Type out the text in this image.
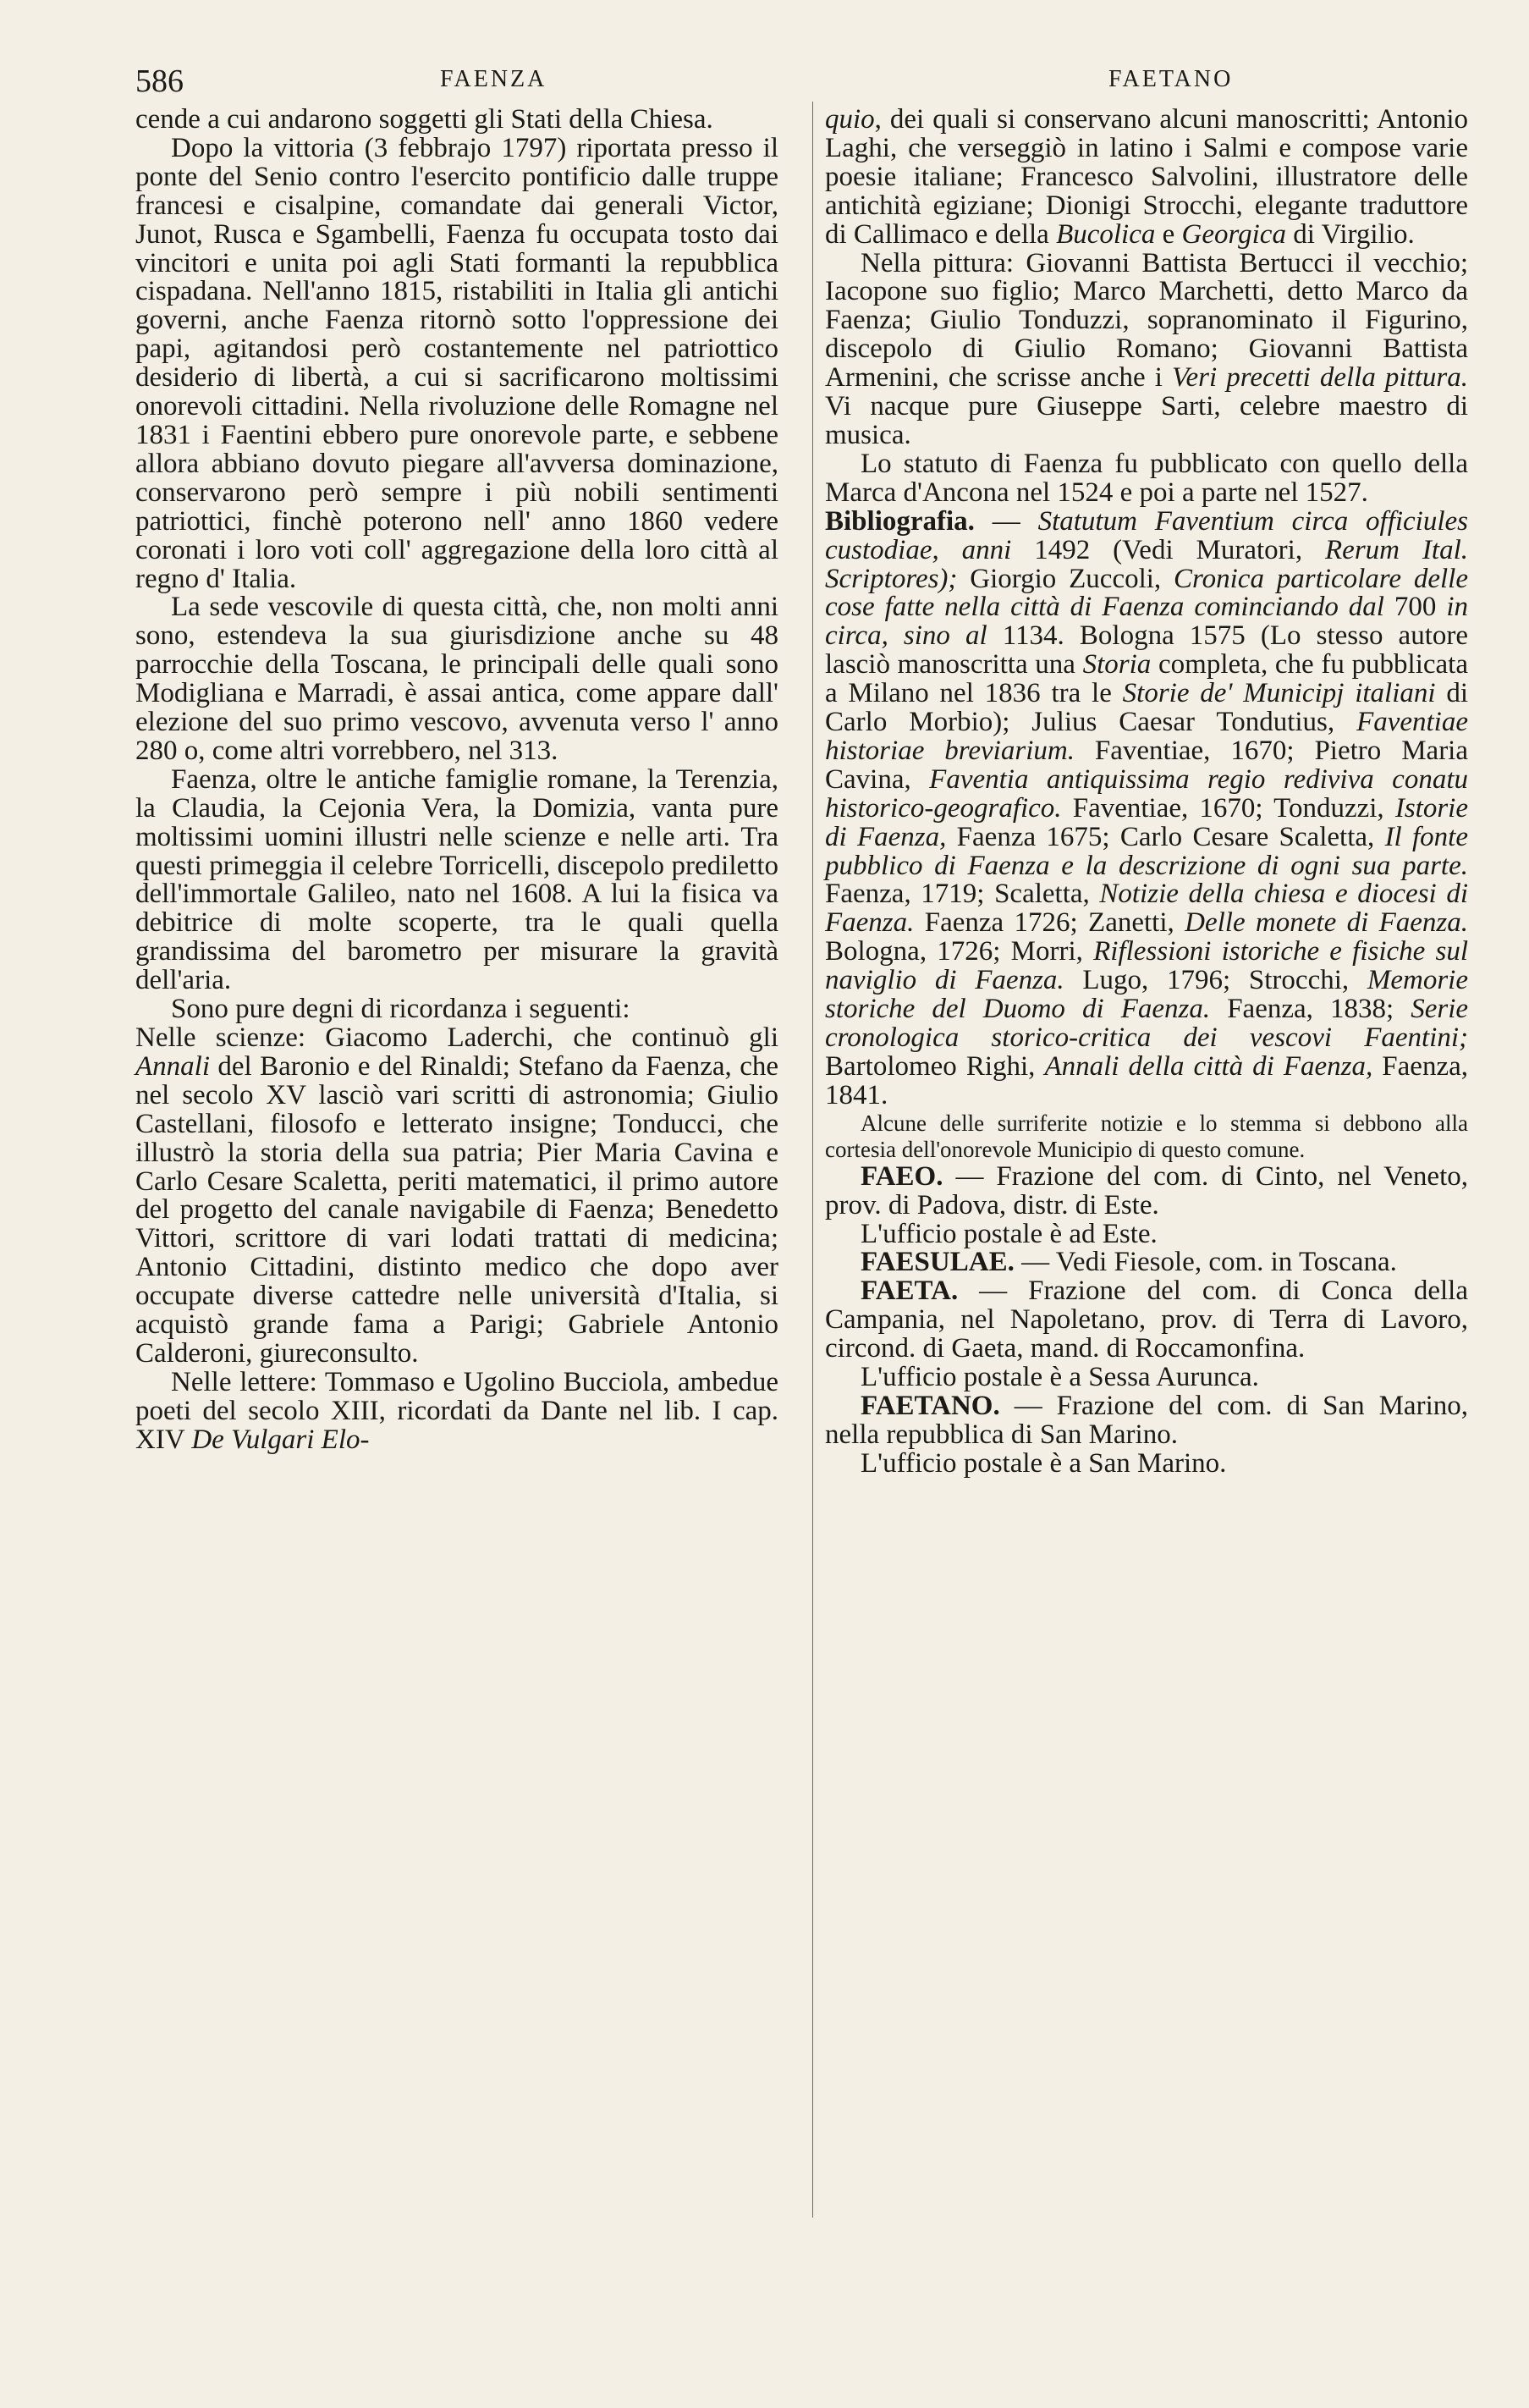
586	FAENZA	FAETANO

cende a cui andarono soggetti gli Stati della Chiesa.

Dopo la vittoria (3 febbrajo 1797) riportata presso il ponte del Senio contro l'esercito pontificio dalle truppe francesi e cisalpine, comandate dai generali Victor, Junot, Rusca e Sgambelli, Faenza fu occupata tosto dai vincitori e unita poi agli Stati formanti la repubblica cispadana. Nell'anno 1815, ristabiliti in Italia gli antichi governi, anche Faenza ritornò sotto l'oppressione dei papi, agitandosi però costantemente nel patriottico desiderio di libertà, a cui si sacrificarono moltissimi onorevoli cittadini. Nella rivoluzione delle Romagne nel 1831 i Faentini ebbero pure onorevole parte, e sebbene allora abbiano dovuto piegare all'avversa dominazione, conservarono però sempre i più nobili sentimenti patriottici, finchè poterono nell' anno 1860 vedere coronati i loro voti coll' aggregazione della loro città al regno d' Italia.

La sede vescovile di questa città, che, non molti anni sono, estendeva la sua giurisdizione anche su 48 parrocchie della Toscana, le principali delle quali sono Modigliana e Marradi, è assai antica, come appare dall' elezione del suo primo vescovo, avvenuta verso l' anno 280 o, come altri vorrebbero, nel 313.

Faenza, oltre le antiche famiglie romane, la Terenzia, la Claudia, la Cejonia Vera, la Domizia, vanta pure moltissimi uomini illustri nelle scienze e nelle arti. Tra questi primeggia il celebre Torricelli, discepolo prediletto dell'immortale Galileo, nato nel 1608. A lui la fisica va debitrice di molte scoperte, tra le quali quella grandissima del barometro per misurare la gravità dell'aria.

Sono pure degni di ricordanza i seguenti:

Nelle scienze: Giacomo Laderchi, che continuò gli Annali del Baronio e del Rinaldi; Stefano da Faenza, che nel secolo XV lasciò vari scritti di astronomia; Giulio Castellani, filosofo e letterato insigne; Tonducci, che illustrò la storia della sua patria; Pier Maria Cavina e Carlo Cesare Scaletta, periti matematici, il primo autore del progetto del canale navigabile di Faenza; Benedetto Vittori, scrittore di vari lodati trattati di medicina; Antonio Cittadini, distinto medico che dopo aver occupate diverse cattedre nelle università d'Italia, si acquistò grande fama a Parigi; Gabriele Antonio Calderoni, giureconsulto.

Nelle lettere: Tommaso e Ugolino Bucciola, ambedue poeti del secolo XIII, ricordati da Dante nel lib. I cap. XIV De Vulgari Elo-

quio, dei quali si conservano alcuni manoscritti; Antonio Laghi, che verseggiò in latino i Salmi e compose varie poesie italiane; Francesco Salvolini, illustratore delle antichità egiziane; Dionigi Strocchi, elegante traduttore di Callimaco e della Bucolica e Georgica di Virgilio.

Nella pittura: Giovanni Battista Bertucci il vecchio; Iacopone suo figlio; Marco Marchetti, detto Marco da Faenza; Giulio Tonduzzi, sopranominato il Figurino, discepolo di Giulio Romano; Giovanni Battista Armenini, che scrisse anche i Veri precetti della pittura. Vi nacque pure Giuseppe Sarti, celebre maestro di musica.

Lo statuto di Faenza fu pubblicato con quello della Marca d'Ancona nel 1524 e poi a parte nel 1527.

Bibliografia. — Statutum Faventium circa officiules custodiae, anni 1492 (Vedi Muratori, Rerum Ital. Scriptores); Giorgio Zuccoli, Cronica particolare delle cose fatte nella città di Faenza cominciando dal 700 in circa, sino al 1134. Bologna 1575 (Lo stesso autore lasciò manoscritta una Storia completa, che fu pubblicata a Milano nel 1836 tra le Storie de' Municipj italiani di Carlo Morbio); Julius Caesar Tondutius, Faventiae historiae breviarium. Faventiae, 1670; Pietro Maria Cavina, Faventia antiquissima regio rediviva conatu historico-geografico. Faventiae, 1670; Tonduzzi, Istorie di Faenza, Faenza 1675; Carlo Cesare Scaletta, Il fonte pubblico di Faenza e la descrizione di ogni sua parte. Faenza, 1719; Scaletta, Notizie della chiesa e diocesi di Faenza. Faenza 1726; Zanetti, Delle monete di Faenza. Bologna, 1726; Morri, Riflessioni istoriche e fisiche sul naviglio di Faenza. Lugo, 1796; Strocchi, Memorie storiche del Duomo di Faenza. Faenza, 1838; Serie cronologica storico-critica dei vescovi Faentini; Bartolomeo Righi, Annali della città di Faenza, Faenza, 1841.

Alcune delle surriferite notizie e lo stemma si debbono alla cortesia dell'onorevole Municipio di questo comune.

FAEO. — Frazione del com. di Cinto, nel Veneto, prov. di Padova, distr. di Este.

L'ufficio postale è ad Este.

FAESULAE. — Vedi Fiesole, com. in Toscana.

FAETA. — Frazione del com. di Conca della Campania, nel Napoletano, prov. di Terra di Lavoro, circond. di Gaeta, mand. di Roccamonfina.

L'ufficio postale è a Sessa Aurunca.

FAETANO. — Frazione del com. di San Marino, nella repubblica di San Marino.

L'ufficio postale è a San Marino.
